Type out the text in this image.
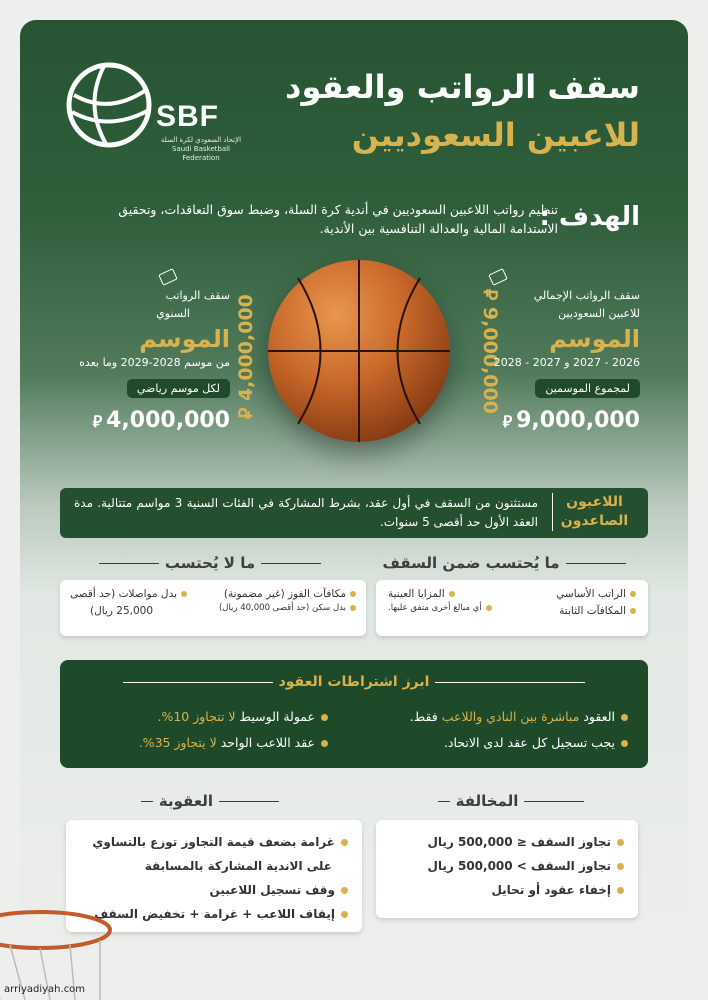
SBF
الإتحاد السعودي لكرة السلة
Saudi Basketball Federation
سقف الرواتب والعقود
للاعبين السعوديين
الهدف :
تنظيم رواتب اللاعبين السعوديين في أندية كرة السلة، وضبط سوق التعاقدات، وتحقيق الاستدامة المالية والعدالة التنافسية بين الأندية.
⃁ 4,000,000
⃁ 9,000,000
سقف الرواتب
السنوي
الموسم
من موسم 2028-2029 وما بعده
لكل موسم رياضي
⃁ 4,000,000
سقف الرواتب الإجمالي
للاعبين السعوديين
الموسم
2026 - 2027 و 2027 - 2028
لمجموع الموسمين
⃁ 9,000,000
اللاعبون الصاعدون
مستثنون من السقف في أول عقد، بشرط المشاركة في الفئات السنية 3 مواسم متتالية. مدة العقد الأول حد أقصى 5 سنوات.
ما يُحتسب ضمن السقف
الراتب الأساسي
المزايا العينية
المكافآت الثابتة
أي مبالغ أخرى متفق عليها.
ما لا يُحتسب
مكافآت الفوز (غير مضمونة)
بدل مواصلات (حد أقصى
بدل سكن (حد أقصى 40,000 ريال)
25,000 ريال)
ابرز اشتراطات العقود
العقود مباشرة بين النادي واللاعب فقط.
يجب تسجيل كل عقد لدى الاتحاد.
عمولة الوسيط لا تتجاوز 10%.
عقد اللاعب الواحد لا يتجاوز 35%.
المخالفة
تجاوز السقف ≤ 500,000 ريال
تجاوز السقف > 500,000 ريال
إخفاء عقود أو تحايل
العقوبة
غرامة بضعف قيمة التجاوز توزع بالتساوي
على الاندية المشاركة بالمسابقة
وقف تسجيل اللاعبين
إيقاف اللاعب + غرامة + تخفيض السقف
arriyadiyah.com
